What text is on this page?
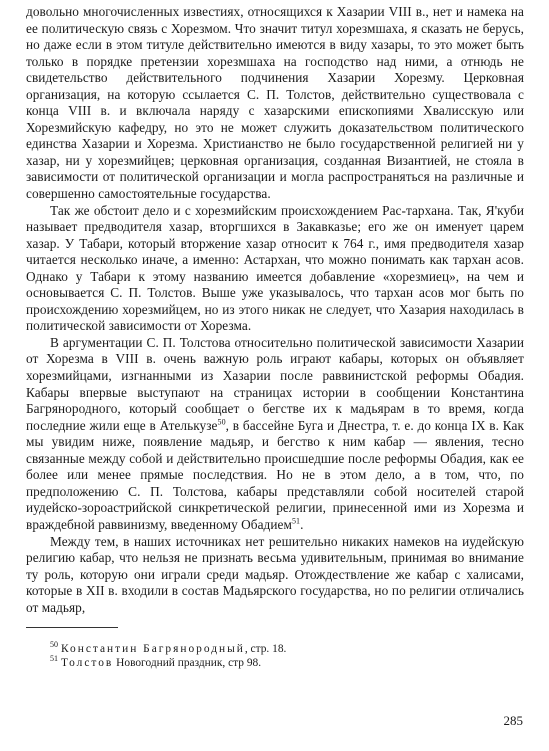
довольно многочисленных известиях, относящихся к Хазарии VIII в., нет и намека на ее политическую связь с Хорезмом. Что значит титул хорезмшаха, я сказать не берусь, но даже если в этом титуле действительно имеются в виду хазары, то это может быть только в порядке претензии хорезмшаха на господство над ними, а отнюдь не свидетельство действительного подчинения Хазарии Хорезму. Церковная организация, на которую ссылается С. П. Толстов, действительно существовала с конца VIII в. и включала наряду с хазарскими епископиями Хвалисскую или Хорезмийскую кафедру, но это не может служить доказательством политического единства Хазарии и Хорезма. Христианство не было государственной религией ни у хазар, ни у хорезмийцев; церковная организация, созданная Византией, не стояла в зависимости от политической организации и могла распространяться на различные и совершенно самостоятельные государства.

Так же обстоит дело и с хорезмийским происхождением Рас-тархана. Так, Я'куби называет предводителя хазар, вторгшихся в Закавказье; его же он именует царем хазар. У Табари, который вторжение хазар относит к 764 г., имя предводителя хазар читается несколько иначе, а именно: Астархан, что можно понимать как тархан асов. Однако у Табари к этому названию имеется добавление «хорезмиец», на чем и основывается С. П. Толстов. Выше уже указывалось, что тархан асов мог быть по происхождению хорезмийцем, но из этого никак не следует, что Хазария находилась в политической зависимости от Хорезма.

В аргументации С. П. Толстова относительно политической зависимости Хазарии от Хорезма в VIII в. очень важную роль играют кабары, которых он объявляет хорезмийцами, изгнанными из Хазарии после раввинистской реформы Обадия. Кабары впервые выступают на страницах истории в сообщении Константина Багрянородного, который сообщает о бегстве их к мадьярам в то время, когда последние жили еще в Ателькузе$^{50}$, в бассейне Буга и Днестра, т. е. до конца IX в. Как мы увидим ниже, появление мадьяр, и бегство к ним кабар — явления, тесно связанные между собой и действительно происшедшие после реформы Обадия, как ее более или менее прямые последствия. Но не в этом дело, а в том, что, по предположению С. П. Толстова, кабары представляли собой носителей старой иудейско-зороастрийской синкретической религии, принесенной ими из Хорезма и враждебной раввинизму, введенному Обадием$^{51}$.

Между тем, в наших источниках нет решительно никаких намеков на иудейскую религию кабар, что нельзя не признать весьма удивительным, принимая во внимание ту роль, которую они играли среди мадьяр. Отождествление же кабар с халисами, которые в XII в. входили в состав Мадьярского государства, но по религии отличались от мадьяр,

$^{50}$ Константин Багрянородный, стр. 18.

$^{51}$ Толстов Новогодний праздник, стр 98.

285
